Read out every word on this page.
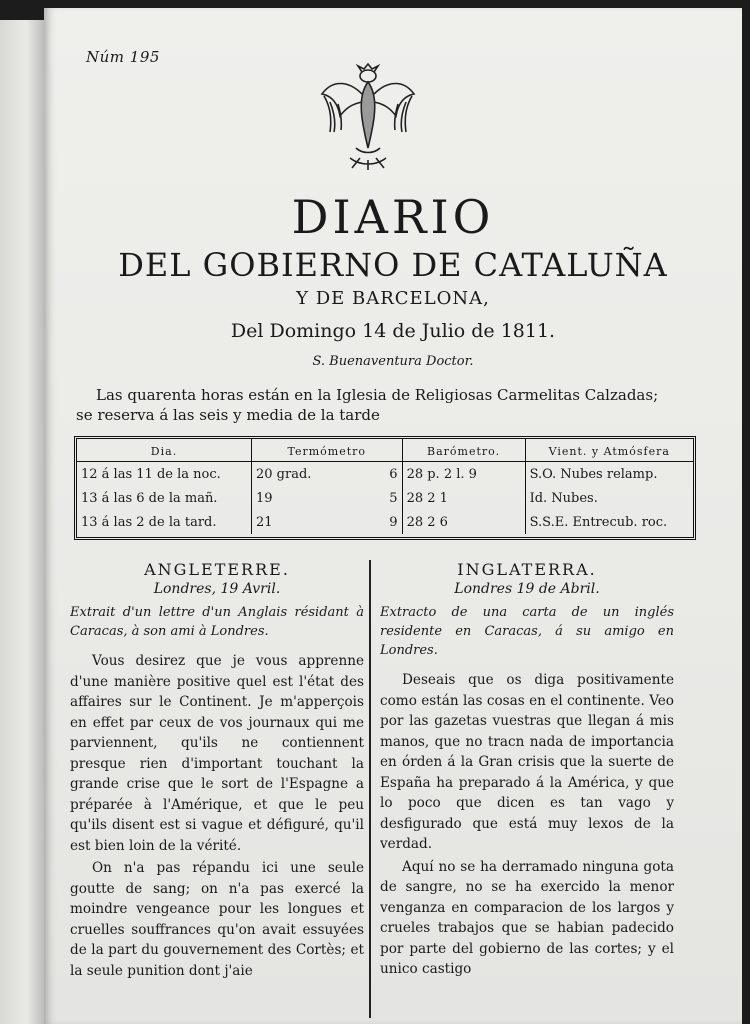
Núm 195
DIARIO
DEL GOBIERNO DE CATALUÑA
Y DE BARCELONA,
Del Domingo 14 de Julio de 1811.
S. Buenaventura Doctor.
Las quarenta horas están en la Iglesia de Religiosas Carmelitas Calzadas;
se reserva á las seis y media de la tarde
Dia.	Termómetro		Barómetro.	Vient. y Atmósfera
12 á las 11 de la noc.	20 grad.	6	28 p. 2 l. 9	S.O. Nubes relamp.
13 á las 6 de la mañ.	19	5	28 2 1	Id. Nubes.
13 á las 2 de la tard.	21	9	28 2 6	S.S.E. Entrecub. roc.
ANGLETERRE.
Londres, 19 Avril.

Extrait d'un lettre d'un Anglais résidant à Caracas, à son ami à Londres.

Vous desirez que je vous apprenne d'une manière positive quel est l'état des affaires sur le Continent. Je m'apperçois en effet par ceux de vos journaux qui me parviennent, qu'ils ne contiennent presque rien d'important touchant la grande crise que le sort de l'Espagne a préparée à l'Amérique, et que le peu qu'ils disent est si vague et défiguré, qu'il est bien loin de la vérité.

On n'a pas répandu ici une seule goutte de sang; on n'a pas exercé la moindre vengeance pour les longues et cruelles souffrances qu'on avait essuyées de la part du gouvernement des Cortès; et la seule punition dont j'aie

INGLATERRA.
Londres 19 de Abril.

Extracto de una carta de un inglés residente en Caracas, á su amigo en Londres.

Deseais que os diga positivamente como están las cosas en el continente. Veo por las gazetas vuestras que llegan á mis manos, que no tracn nada de importancia en órden á la Gran crisis que la suerte de España ha preparado á la América, y que lo poco que dicen es tan vago y desfigurado que está muy lexos de la verdad.

Aquí no se ha derramado ninguna gota de sangre, no se ha exercido la menor venganza en comparacion de los largos y crueles trabajos que se habian padecido por parte del gobierno de las cortes; y el unico castigo
